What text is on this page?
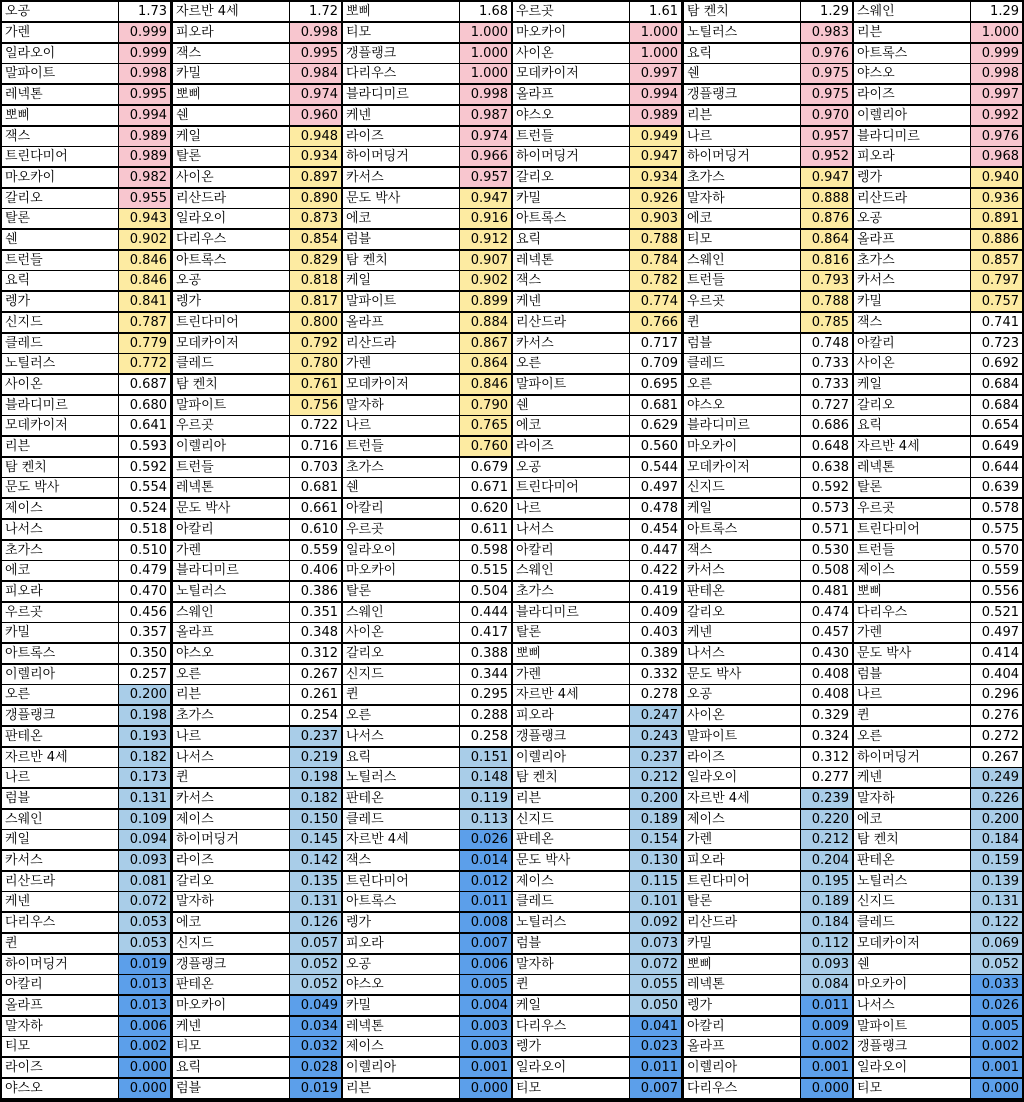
오공	1.73
가렌	0.999
일라오이	0.999
말파이트	0.998
레넥톤	0.995
뽀삐	0.994
잭스	0.989
트린다미어	0.989
마오카이	0.982
갈리오	0.955
탈론	0.943
쉔	0.902
트런들	0.846
요릭	0.846
렝가	0.841
신지드	0.787
클레드	0.779
노틸러스	0.772
사이온	0.687
블라디미르	0.680
모데카이저	0.641
리븐	0.593
탐 켄치	0.592
문도 박사	0.554
제이스	0.524
나서스	0.518
초가스	0.510
에코	0.479
피오라	0.470
우르곳	0.456
카밀	0.357
아트록스	0.350
이렐리아	0.257
오른	0.200
갱플랭크	0.198
판테온	0.193
자르반 4세	0.182
나르	0.173
럼블	0.131
스웨인	0.109
케일	0.094
카서스	0.093
리산드라	0.081
케넨	0.072
다리우스	0.053
퀸	0.053
하이머딩거	0.019
아칼리	0.013
올라프	0.013
말자하	0.006
티모	0.002
라이즈	0.000
야스오	0.000
자르반 4세	1.72
피오라	0.998
잭스	0.995
카밀	0.984
뽀삐	0.974
쉔	0.960
케일	0.948
탈론	0.934
사이온	0.897
리산드라	0.890
일라오이	0.873
다리우스	0.854
아트록스	0.829
오공	0.818
렝가	0.817
트린다미어	0.800
모데카이저	0.792
클레드	0.780
탐 켄치	0.761
말파이트	0.756
우르곳	0.722
이렐리아	0.716
트런들	0.703
레넥톤	0.681
문도 박사	0.661
아칼리	0.610
가렌	0.559
블라디미르	0.406
노틸러스	0.386
스웨인	0.351
올라프	0.348
야스오	0.312
오른	0.267
리븐	0.261
초가스	0.254
나르	0.237
나서스	0.219
퀸	0.198
카서스	0.182
제이스	0.150
하이머딩거	0.145
라이즈	0.142
갈리오	0.135
말자하	0.131
에코	0.126
신지드	0.057
갱플랭크	0.052
판테온	0.052
마오카이	0.049
케넨	0.034
티모	0.032
요릭	0.028
럼블	0.019
뽀삐	1.68
티모	1.000
갱플랭크	1.000
다리우스	1.000
블라디미르	0.998
케넨	0.987
라이즈	0.974
하이머딩거	0.966
카서스	0.957
문도 박사	0.947
에코	0.916
럼블	0.912
탐 켄치	0.907
케일	0.902
말파이트	0.899
올라프	0.884
리산드라	0.867
가렌	0.864
모데카이저	0.846
말자하	0.790
나르	0.765
트런들	0.760
초가스	0.679
쉔	0.671
아칼리	0.620
우르곳	0.611
일라오이	0.598
마오카이	0.515
탈론	0.504
스웨인	0.444
사이온	0.417
갈리오	0.388
신지드	0.344
퀸	0.295
오른	0.288
나서스	0.258
요릭	0.151
노틸러스	0.148
판테온	0.119
클레드	0.113
자르반 4세	0.026
잭스	0.014
트린다미어	0.012
아트록스	0.011
렝가	0.008
피오라	0.007
오공	0.006
야스오	0.005
카밀	0.004
레넥톤	0.003
제이스	0.003
이렐리아	0.001
리븐	0.000
우르곳	1.61
마오카이	1.000
사이온	1.000
모데카이저	0.997
올라프	0.994
야스오	0.989
트런들	0.949
하이머딩거	0.947
갈리오	0.934
카밀	0.926
아트록스	0.903
요릭	0.788
레넥톤	0.784
잭스	0.782
케넨	0.774
리산드라	0.766
카서스	0.717
오른	0.709
말파이트	0.695
쉔	0.681
에코	0.629
라이즈	0.560
오공	0.544
트린다미어	0.497
나르	0.478
나서스	0.454
아칼리	0.447
스웨인	0.422
초가스	0.419
블라디미르	0.409
탈론	0.403
뽀삐	0.389
가렌	0.332
자르반 4세	0.278
피오라	0.247
갱플랭크	0.243
이렐리아	0.237
탐 켄치	0.212
리븐	0.200
신지드	0.189
판테온	0.154
문도 박사	0.130
제이스	0.115
클레드	0.101
노틸러스	0.092
럼블	0.073
말자하	0.072
퀸	0.055
케일	0.050
다리우스	0.041
렝가	0.023
일라오이	0.011
티모	0.007
탐 켄치	1.29
노틸러스	0.983
요릭	0.976
쉔	0.975
갱플랭크	0.975
리븐	0.970
나르	0.957
하이머딩거	0.952
초가스	0.947
말자하	0.888
에코	0.876
티모	0.864
스웨인	0.816
트런들	0.793
우르곳	0.788
퀸	0.785
럼블	0.748
클레드	0.733
오른	0.733
야스오	0.727
블라디미르	0.686
마오카이	0.648
모데카이저	0.638
신지드	0.592
케일	0.573
아트록스	0.571
잭스	0.530
카서스	0.508
판테온	0.481
갈리오	0.474
케넨	0.457
나서스	0.430
문도 박사	0.408
오공	0.408
사이온	0.329
말파이트	0.324
라이즈	0.312
일라오이	0.277
자르반 4세	0.239
제이스	0.220
가렌	0.212
피오라	0.204
트린다미어	0.195
탈론	0.189
리산드라	0.184
카밀	0.112
뽀삐	0.093
레넥톤	0.084
렝가	0.011
아칼리	0.009
올라프	0.002
이렐리아	0.001
다리우스	0.000
스웨인	1.29
리븐	1.000
아트록스	0.999
야스오	0.998
라이즈	0.997
이렐리아	0.992
블라디미르	0.976
피오라	0.968
렝가	0.940
리산드라	0.936
오공	0.891
올라프	0.886
초가스	0.857
카서스	0.797
카밀	0.757
잭스	0.741
아칼리	0.723
사이온	0.692
케일	0.684
갈리오	0.684
요릭	0.654
자르반 4세	0.649
레넥톤	0.644
탈론	0.639
우르곳	0.578
트린다미어	0.575
트런들	0.570
제이스	0.559
뽀삐	0.556
다리우스	0.521
가렌	0.497
문도 박사	0.414
럼블	0.404
나르	0.296
퀸	0.276
오른	0.272
하이머딩거	0.267
케넨	0.249
말자하	0.226
에코	0.200
탐 켄치	0.184
판테온	0.159
노틸러스	0.139
신지드	0.131
클레드	0.122
모데카이저	0.069
쉔	0.052
마오카이	0.033
나서스	0.026
말파이트	0.005
갱플랭크	0.002
일라오이	0.001
티모	0.000
